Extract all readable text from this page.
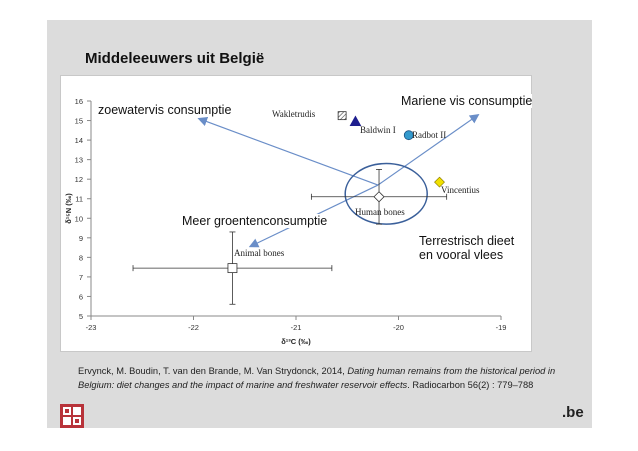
Middeleeuwers uit België
-23	-22	-21	-20	-19
5
6
7
8
9
10
11
12
13
14
15
16
δ¹³C (‰)
δ¹⁵N (‰)
zoewatervis consumptie
Mariene vis consumptie
Meer groentenconsumptie
Terrestrisch dieet
en vooral vlees
Wakletrudis
Baldwin I Radbot II
Vincentius
Human bones
Animal bones
Ervynck, M. Boudin, T. van den Brande, M. Van Strydonck, 2014, Dating human remains from the historical period in Belgium: diet changes and the impact of marine and freshwater reservoir effects. Radiocarbon 56(2) : 779–788
.be
